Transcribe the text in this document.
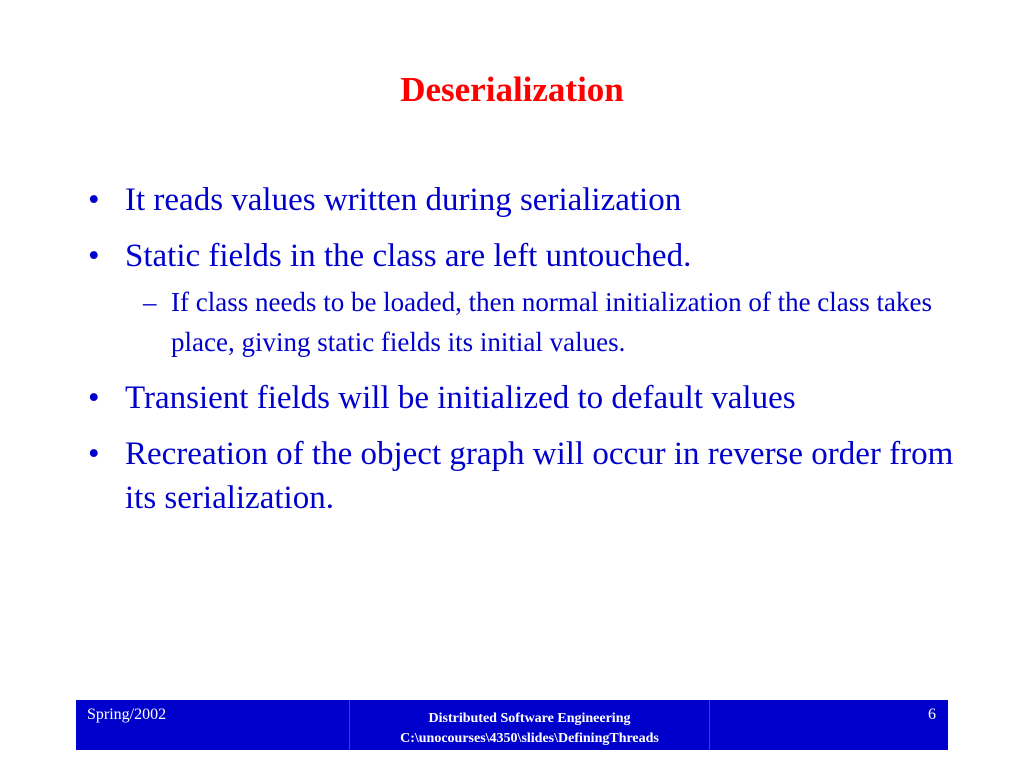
Deserialization
• It reads values written during serialization
• Static fields in the class are left untouched.
– If class needs to be loaded, then normal initialization of the class takes place, giving static fields its initial values.
• Transient fields will be initialized to default values
• Recreation of the object graph will occur in reverse order from its serialization.
Spring/2002	Distributed Software Engineering
C:\unocourses\4350\slides\DefiningThreads
6
